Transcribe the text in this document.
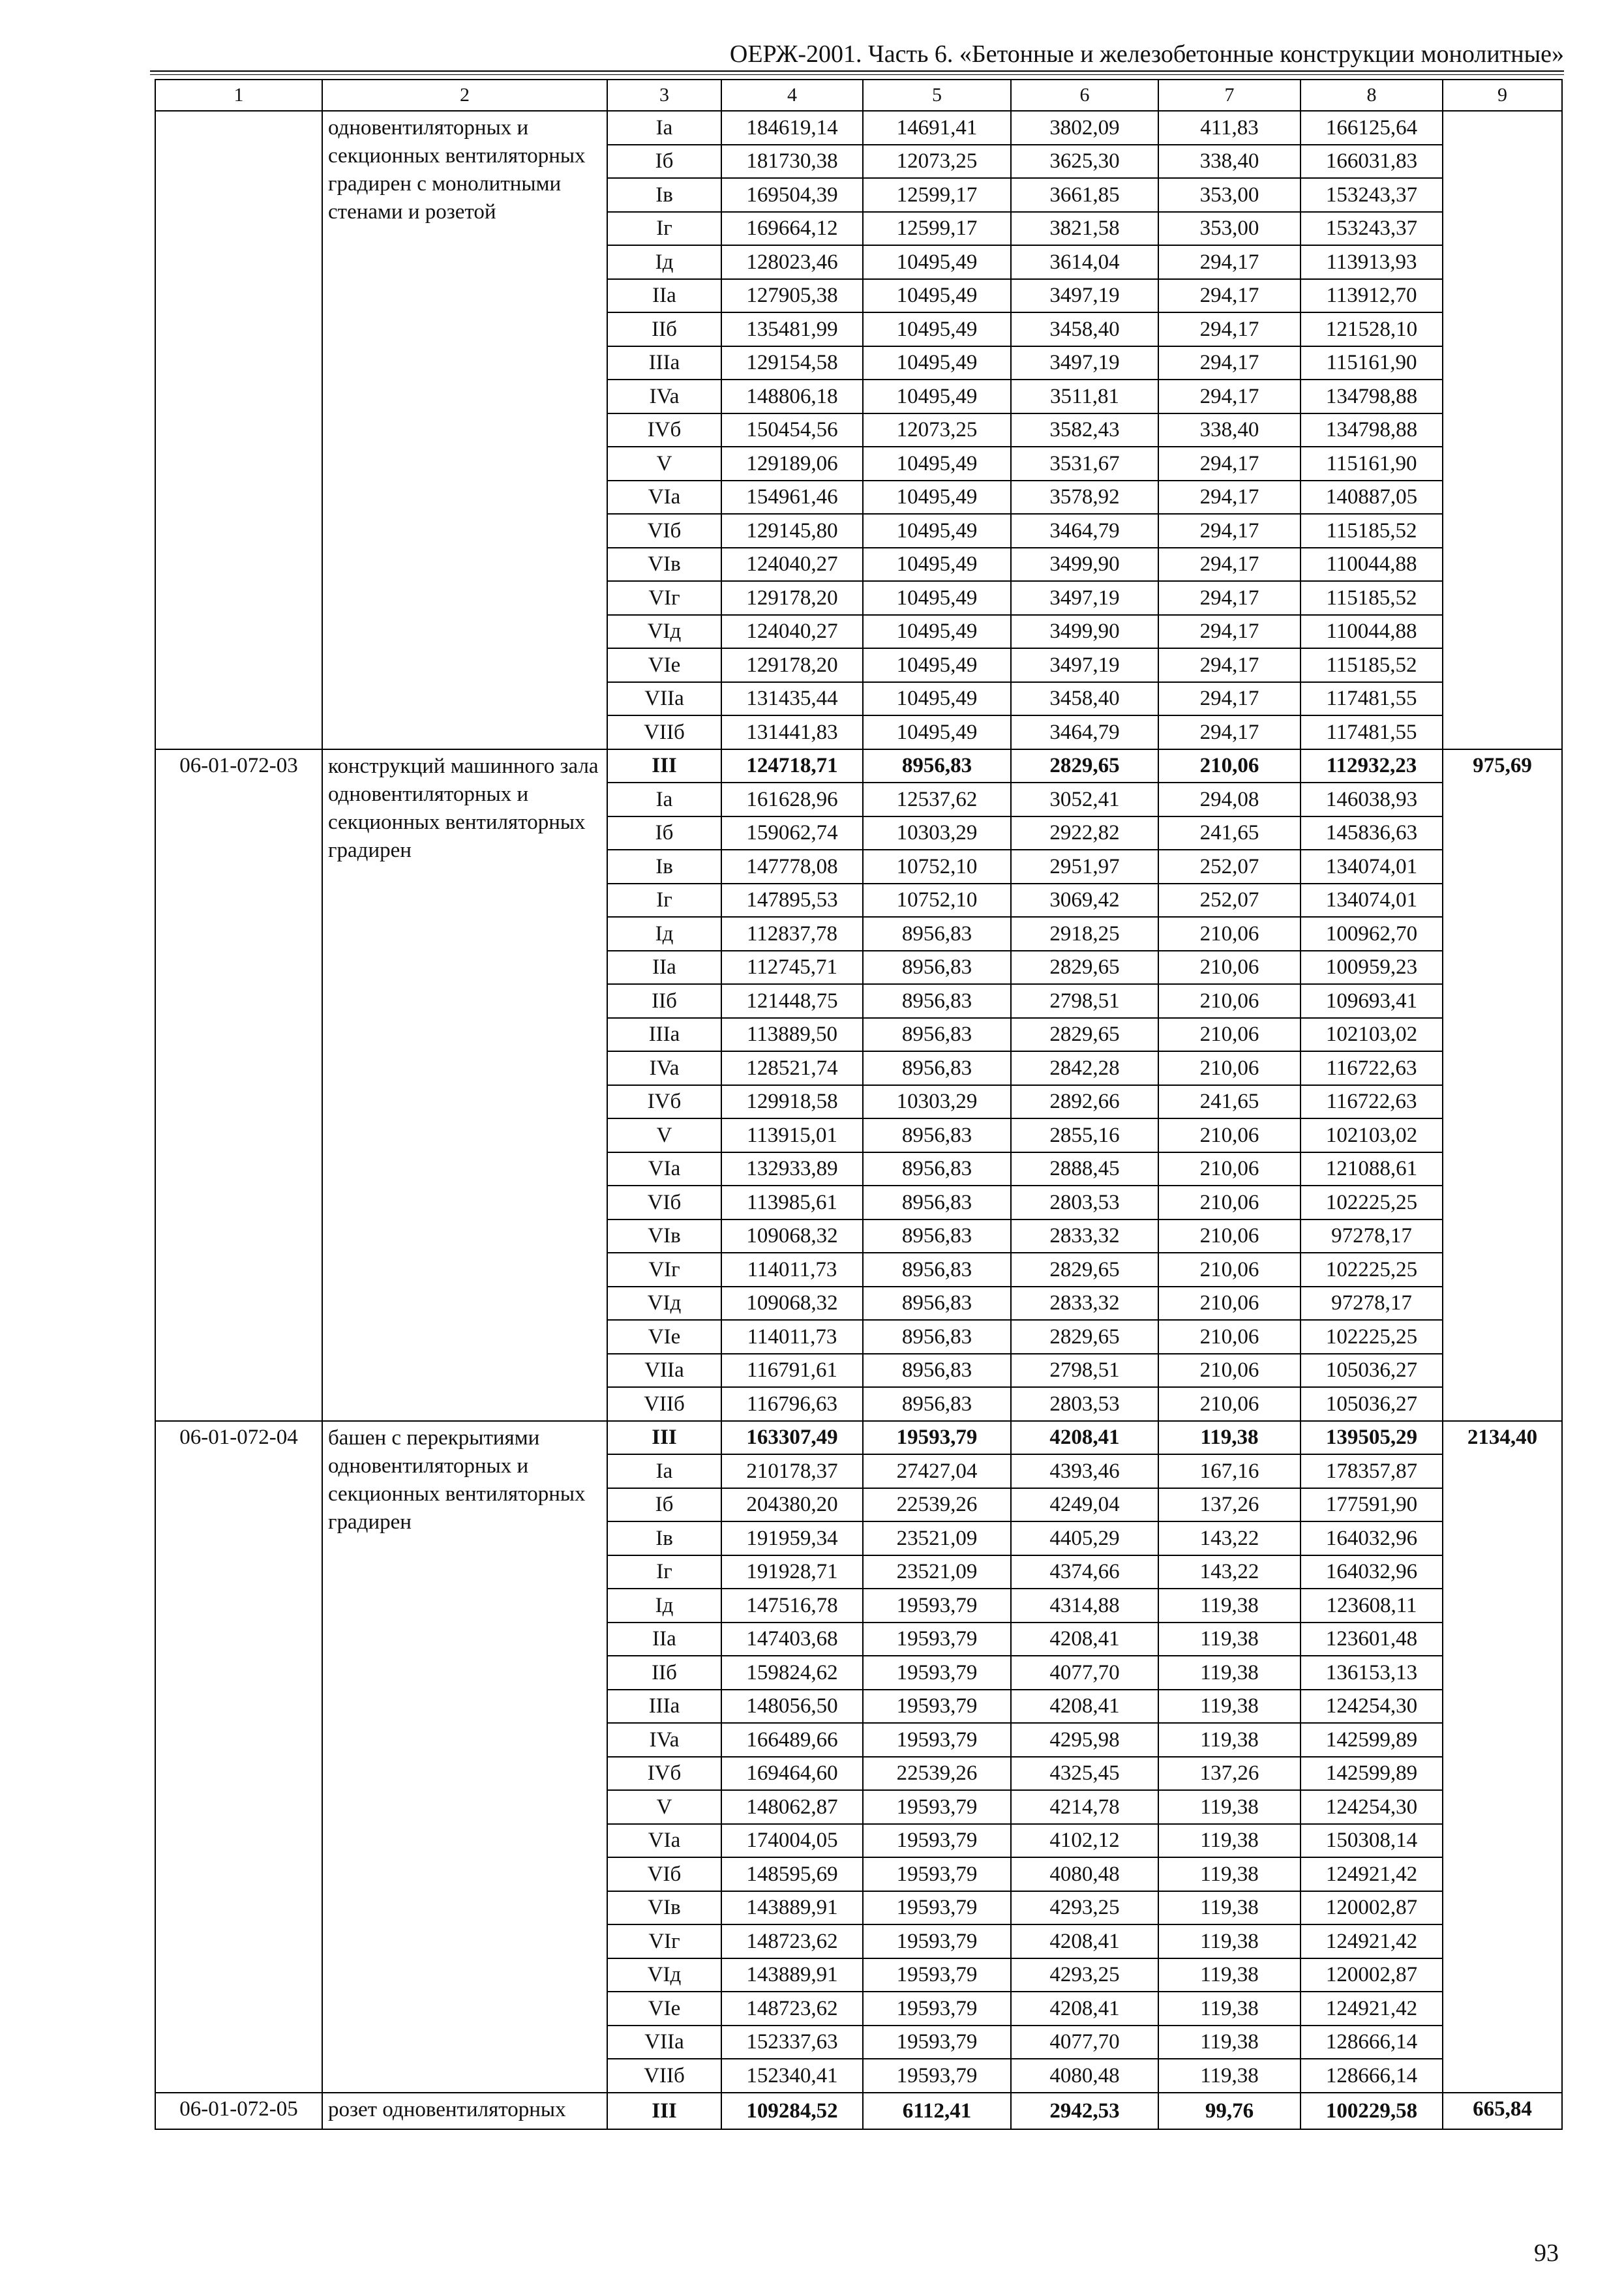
ОЕРЖ-2001. Часть 6. «Бетонные и железобетонные конструкции монолитные»
1	2	3	4	5	6	7	8	9
	одновентиляторных и секционных вентиляторных градирен с монолитными стенами и розетой	Ia	184619,14	14691,41	3802,09	411,83	166125,64	
		Iб	181730,38	12073,25	3625,30	338,40	166031,83	
		Iв	169504,39	12599,17	3661,85	353,00	153243,37	
		Iг	169664,12	12599,17	3821,58	353,00	153243,37	
		Iд	128023,46	10495,49	3614,04	294,17	113913,93	
		IIa	127905,38	10495,49	3497,19	294,17	113912,70	
		IIб	135481,99	10495,49	3458,40	294,17	121528,10	
		IIIa	129154,58	10495,49	3497,19	294,17	115161,90	
		IVa	148806,18	10495,49	3511,81	294,17	134798,88	
		IVб	150454,56	12073,25	3582,43	338,40	134798,88	
		V	129189,06	10495,49	3531,67	294,17	115161,90	
		VIa	154961,46	10495,49	3578,92	294,17	140887,05	
		VIб	129145,80	10495,49	3464,79	294,17	115185,52	
		VIв	124040,27	10495,49	3499,90	294,17	110044,88	
		VIг	129178,20	10495,49	3497,19	294,17	115185,52	
		VIд	124040,27	10495,49	3499,90	294,17	110044,88	
		VIe	129178,20	10495,49	3497,19	294,17	115185,52	
		VIIa	131435,44	10495,49	3458,40	294,17	117481,55	
		VIIб	131441,83	10495,49	3464,79	294,17	117481,55	
06-01-072-03	конструкций машинного зала одновентиляторных и секционных вентиляторных градирен	III	124718,71	8956,83	2829,65	210,06	112932,23	975,69
		Ia	161628,96	12537,62	3052,41	294,08	146038,93	
		Iб	159062,74	10303,29	2922,82	241,65	145836,63	
		Iв	147778,08	10752,10	2951,97	252,07	134074,01	
		Iг	147895,53	10752,10	3069,42	252,07	134074,01	
		Iд	112837,78	8956,83	2918,25	210,06	100962,70	
		IIa	112745,71	8956,83	2829,65	210,06	100959,23	
		IIб	121448,75	8956,83	2798,51	210,06	109693,41	
		IIIa	113889,50	8956,83	2829,65	210,06	102103,02	
		IVa	128521,74	8956,83	2842,28	210,06	116722,63	
		IVб	129918,58	10303,29	2892,66	241,65	116722,63	
		V	113915,01	8956,83	2855,16	210,06	102103,02	
		VIa	132933,89	8956,83	2888,45	210,06	121088,61	
		VIб	113985,61	8956,83	2803,53	210,06	102225,25	
		VIв	109068,32	8956,83	2833,32	210,06	97278,17	
		VIг	114011,73	8956,83	2829,65	210,06	102225,25	
		VIд	109068,32	8956,83	2833,32	210,06	97278,17	
		VIe	114011,73	8956,83	2829,65	210,06	102225,25	
		VIIa	116791,61	8956,83	2798,51	210,06	105036,27	
		VIIб	116796,63	8956,83	2803,53	210,06	105036,27	
06-01-072-04	башен с перекрытиями одновентиляторных и секционных вентиляторных градирен	III	163307,49	19593,79	4208,41	119,38	139505,29	2134,40
		Ia	210178,37	27427,04	4393,46	167,16	178357,87	
		Iб	204380,20	22539,26	4249,04	137,26	177591,90	
		Iв	191959,34	23521,09	4405,29	143,22	164032,96	
		Iг	191928,71	23521,09	4374,66	143,22	164032,96	
		Iд	147516,78	19593,79	4314,88	119,38	123608,11	
		IIa	147403,68	19593,79	4208,41	119,38	123601,48	
		IIб	159824,62	19593,79	4077,70	119,38	136153,13	
		IIIa	148056,50	19593,79	4208,41	119,38	124254,30	
		IVa	166489,66	19593,79	4295,98	119,38	142599,89	
		IVб	169464,60	22539,26	4325,45	137,26	142599,89	
		V	148062,87	19593,79	4214,78	119,38	124254,30	
		VIa	174004,05	19593,79	4102,12	119,38	150308,14	
		VIб	148595,69	19593,79	4080,48	119,38	124921,42	
		VIв	143889,91	19593,79	4293,25	119,38	120002,87	
		VIг	148723,62	19593,79	4208,41	119,38	124921,42	
		VIд	143889,91	19593,79	4293,25	119,38	120002,87	
		VIe	148723,62	19593,79	4208,41	119,38	124921,42	
		VIIa	152337,63	19593,79	4077,70	119,38	128666,14	
		VIIб	152340,41	19593,79	4080,48	119,38	128666,14	
06-01-072-05	розет одновентиляторных	III	109284,52	6112,41	2942,53	99,76	100229,58	665,84
93
